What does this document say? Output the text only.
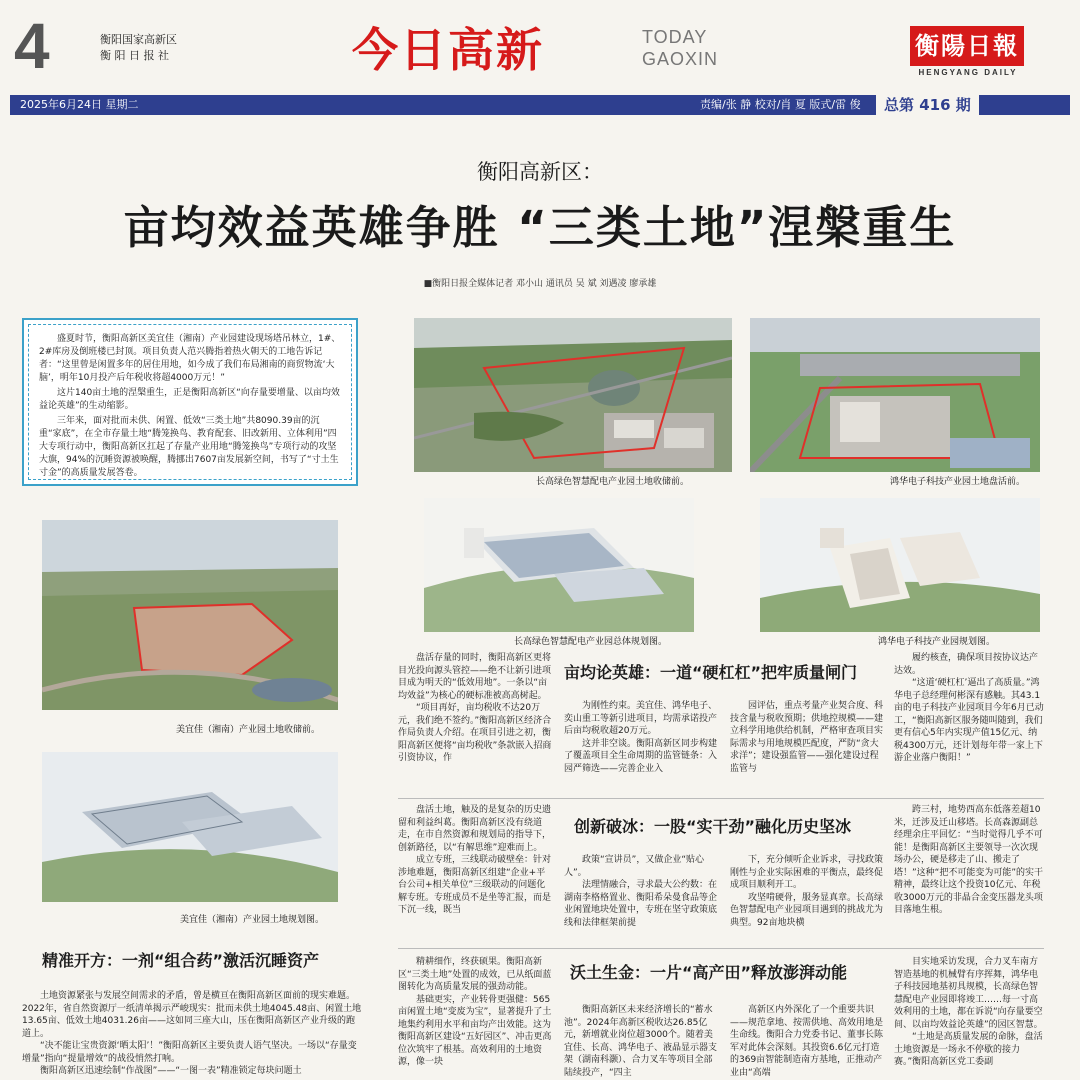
4	衡阳国家高新区
衡 阳 日 报 社	今日高新	TODAY
GAOXIN	衡陽日報
HENGYANG DAILY
2025年6月24日 星期二	责编/张 静 校对/肖 夏 版式/雷 俊	总第 416 期
衡阳高新区：
亩均效益英雄争胜 “三类土地”涅槃重生
■衡阳日报全媒体记者 邓小山 通讯员 吴 斌 刘遇凌 廖承雄

盛夏时节，衡阳高新区美宜佳（湘南）产业园建设现场塔吊林立，1#、2#库房及倒班楼已封顶。项目负责人范兴腾指着热火朝天的工地告诉记者：“这里曾是闲置多年的居住用地，如今成了我们布局湘南的商贸物流‘大脑’，明年10月投产后年税收将超4000万元！”

这片140亩土地的涅槃重生，正是衡阳高新区“向存量要增量、以亩均效益论英雄”的生动缩影。

三年来，面对批而未供、闲置、低效“三类土地”共8090.39亩的沉重“家底”，在全市存量土地“腾笼换鸟、教育配套、旧改新用、立体利用”四大专项行动中，衡阳高新区扛起了存量产业用地“腾笼换鸟”专项行动的攻坚大旗，94%的沉睡资源被唤醒，腾挪出7607亩发展新空间，书写了“寸土生寸金”的高质量发展答卷。

长高绿色智慧配电产业园土地收储前。	鸿华电子科技产业园土地盘活前。
美宜佳（湘南）产业园土地收储前。
长高绿色智慧配电产业园总体规划图。	鸿华电子科技产业园规划图。
美宜佳（湘南）产业园土地规划图。

盘活存量的同时，衡阳高新区更将目光投向源头管控——绝不让新引进项目成为明天的“低效用地”。一条以“亩均效益”为核心的硬标准被高高树起。

“项目再好，亩均税收不达20万元，我们绝不签约。”衡阳高新区经济合作局负责人介绍。在项目引进之初，衡阳高新区便将“亩均税收”条款嵌入招商引资协议，作

亩均论英雄：一道“硬杠杠”把牢质量闸门

为刚性约束。美宜佳、鸿华电子、奕山重工等新引进项目，均需承诺投产后亩均税收超20万元。

这并非空谈。衡阳高新区同步构建了覆盖项目全生命周期的监管链条：入园严筛选——完善企业入

园评估，重点考量产业契合度、科技含量与税收预期；供地控规模——建立科学用地供给机制，严格审查项目实际需求与用地规模匹配度，严防“贪大求洋”；建设强监管——强化建设过程监管与

履约核查，确保项目按协议达产达效。

“这道‘硬杠杠’逼出了高质量。”鸿华电子总经理何彬深有感触。其43.1亩的电子科技产业园项目今年6月已动工，“衡阳高新区服务随叫随到，我们更有信心5年内实现产值15亿元、纳税4300万元，还计划每年带一家上下游企业落户衡阳！”

盘活土地，触及的是复杂的历史遗留和利益纠葛。衡阳高新区没有绕道走，在市自然资源和规划局的指导下，创新路径，以“有解思维”迎难而上。

成立专班，三线联动破壁垒：针对涉地难题，衡阳高新区组建“企业+平台公司+相关单位”三级联动的问题化解专班。专班成员不是坐等汇报，而是下沉一线，既当

创新破冰：一股“实干劲”融化历史坚冰

政策“宣讲员”，又做企业“贴心人”。

法理情融合，寻求最大公约数：在湖南李格格置业、衡阳希朵曼食品等企业闲置地块处置中，专班在坚守政策底线和法律框架前提

下，充分倾听企业诉求，寻找政策刚性与企业实际困难的平衡点，最终促成项目顺利开工。

攻坚啃硬骨，服务显真章。长高绿色智慧配电产业园项目遇到的挑战尤为典型。92亩地块横

跨三村，地势西高东低落差超10米，迁涉及迁山移塔。长高森源副总经理余庄平回忆：“当时觉得几乎不可能！是衡阳高新区主要领导一次次现场办公，硬是移走了山、搬走了塔！”这种“把不可能变为可能”的实干精神，最终让这个投资10亿元、年税收3000万元的非晶合金变压器龙头项目落地生根。

精准开方：一剂“组合药”激活沉睡资产

土地资源紧张与发展空间需求的矛盾，曾是横亘在衡阳高新区面前的现实难题。2022年，省自然资源厅一纸清单揭示严峻现实：批而未供土地4045.48亩、闲置土地13.65亩、低效土地4031.26亩——这如同三座大山，压在衡阳高新区产业升级的跑道上。

“决不能让宝贵资源‘晒太阳’！”衡阳高新区主要负责人语气坚决。一场以“存量变增量”指向“提量增效”的战役悄然打响。

衡阳高新区迅速绘制“作战图”——“一图一表”精准锁定每块问题土

精耕细作，终获硕果。衡阳高新区“三类土地”处置的成效，已从纸面蓝图转化为高质量发展的强劲动能。

基础更实，产业转骨更强健：565亩闲置土地“变废为宝”，显著提升了土地集约利用水平和亩均产出效能。这为衡阳高新区建设“五好园区”、冲击更高位次筑牢了根基。高效利用的土地资源，像一块

沃土生金：一片“高产田”释放澎湃动能

衡阳高新区未来经济增长的“蓄水池”。2024年高新区税收达26.85亿元，新增就业岗位超3000个。随着美宜佳、长高、鸿华电子、液晶显示器支架（湖南科灏）、合力叉车等项目全部陆续投产，“四主

高新区内外深化了一个重要共识——规范拿地、按需供地、高效用地是生命线。衡阳合力党委书记、董事长陈军对此体会深刻。其投资6.6亿元打造的369亩智能制造南方基地，正推动产业由“高端

目实地采访发现，合力叉车南方智造基地的机械臂有序挥舞，鸿华电子科技园地基初具规模，长高绿色智慧配电产业园即将竣工……每一寸高效利用的土地，都在诉说“向存量要空间、以亩均效益论英雄”的园区智慧。

“土地是高质量发展的命脉，盘活土地资源是一场永不停歇的接力赛。”衡阳高新区党工委副
